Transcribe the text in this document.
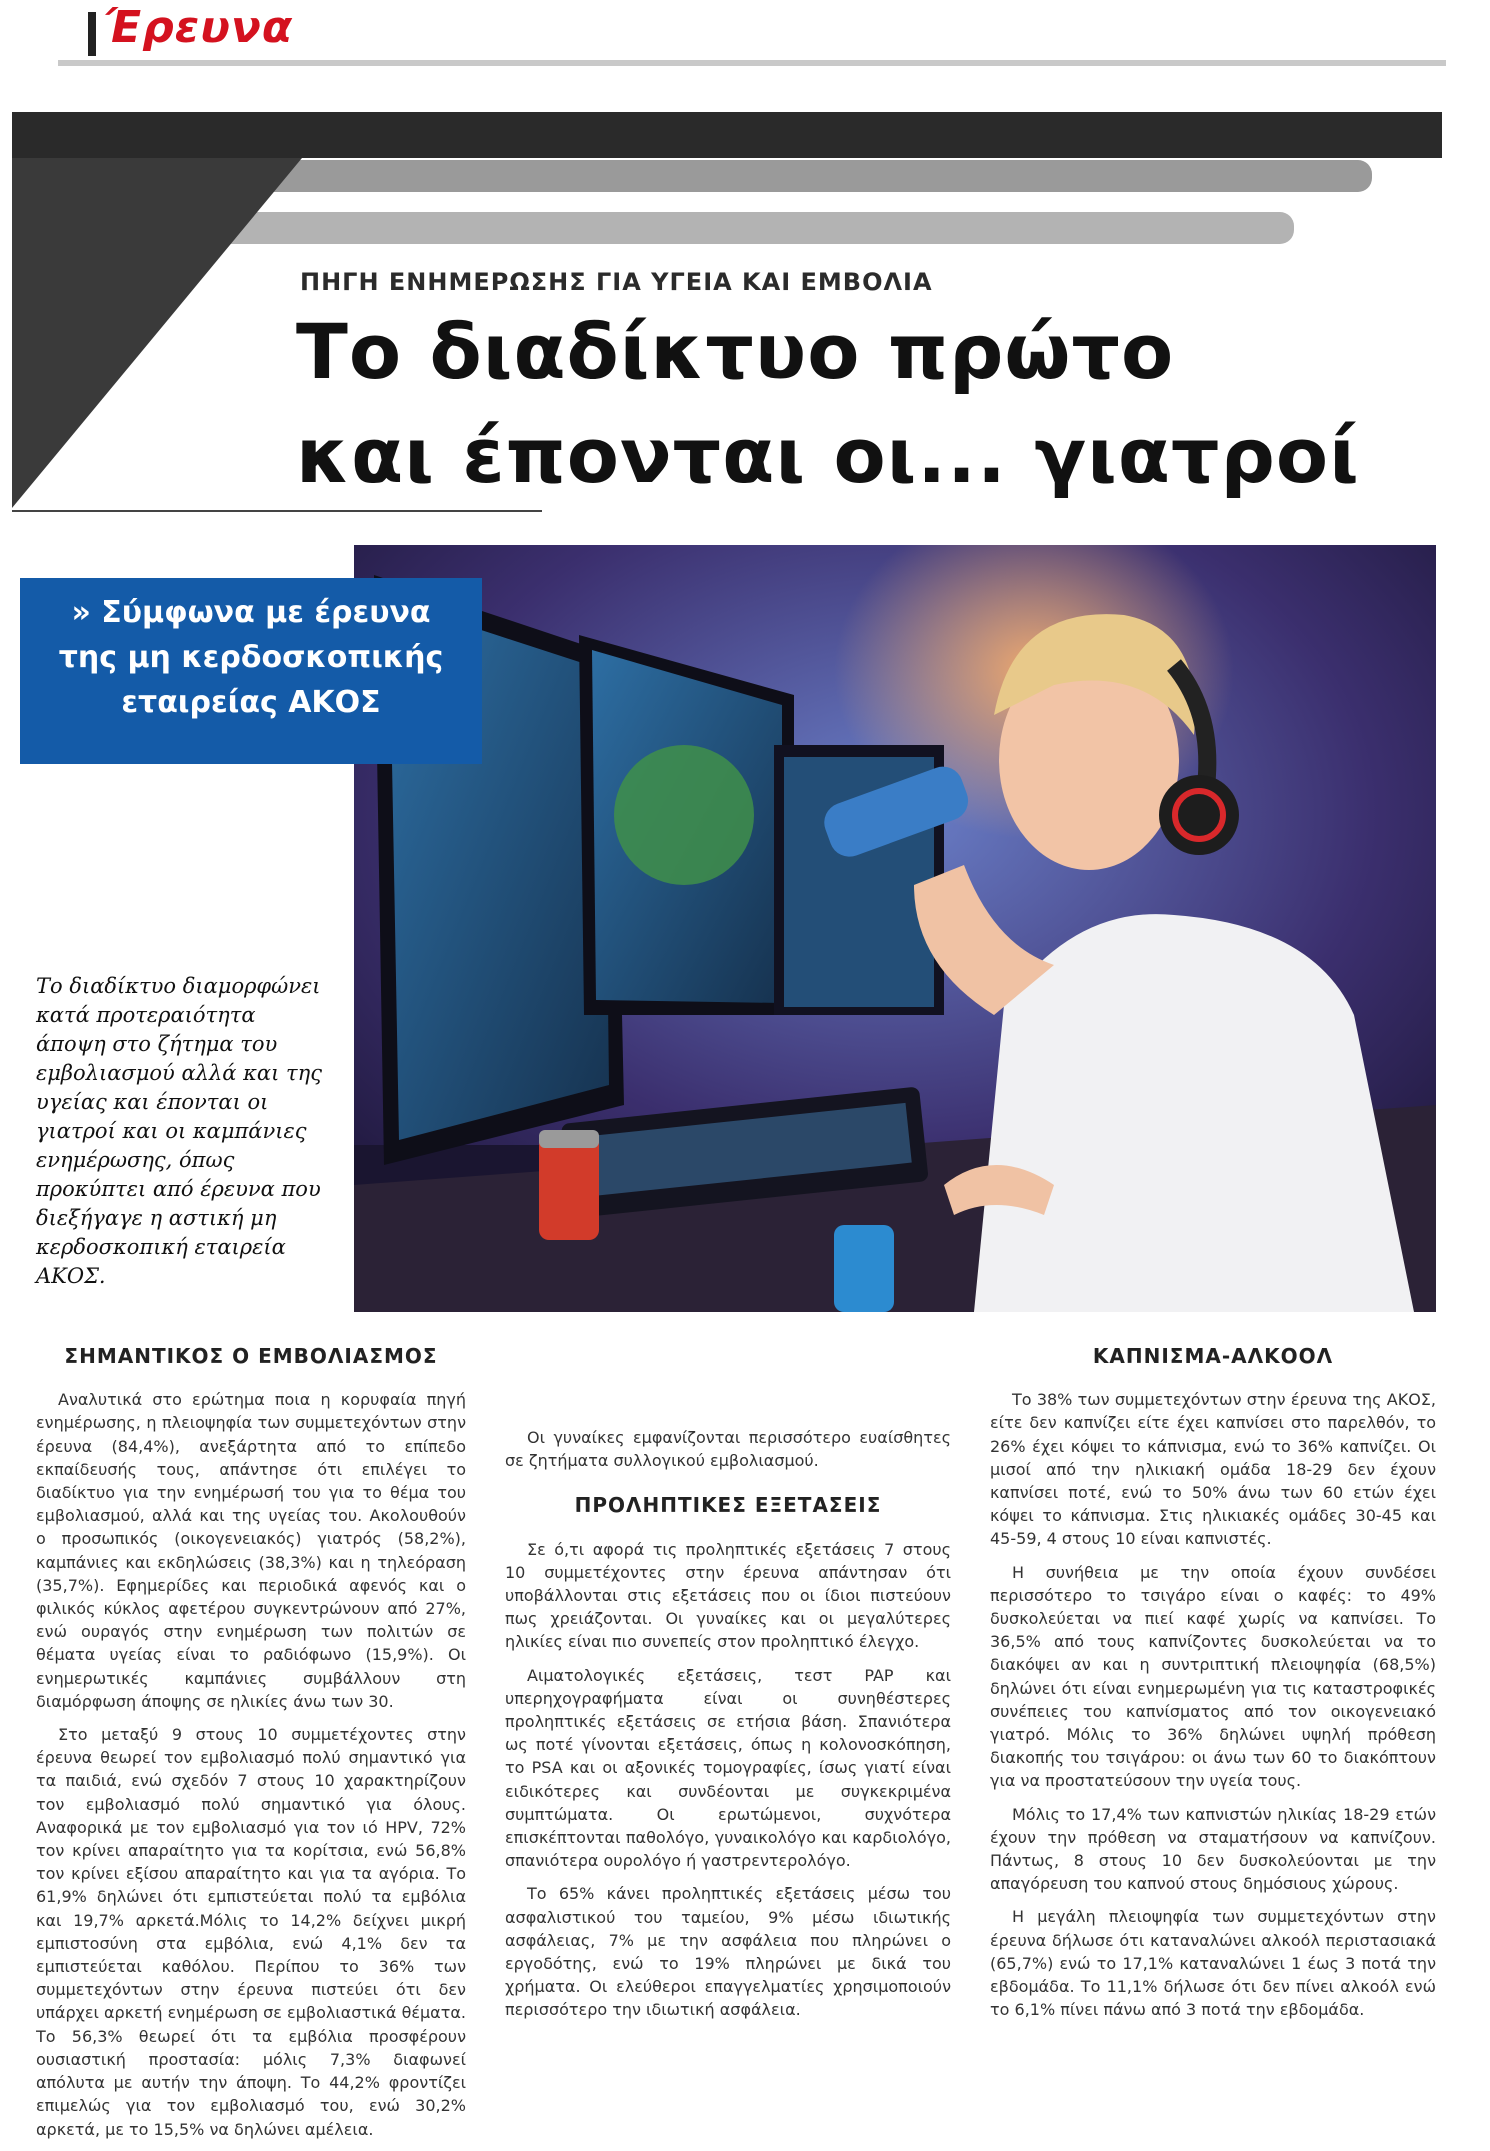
Έρευνα
ΠΗΓΗ ΕΝΗΜΕΡΩΣΗΣ ΓΙΑ ΥΓΕΙΑ ΚΑΙ ΕΜΒΟΛΙΑ
Το διαδίκτυο πρώτο
και έπονται οι... γιατροί
» Σύμφωνα με έρευνα
της μη κερδοσκοπικής
εταιρείας ΑΚΟΣ
Το διαδίκτυο διαμορφώνει κατά προτεραιότητα άποψη στο ζήτημα του εμβολιασμού αλλά και της υγείας και έπονται οι γιατροί και οι καμπάνιες ενημέρωσης, όπως προκύπτει από έρευνα που διεξήγαγε η αστική μη κερδοσκοπική εταιρεία ΑΚΟΣ.
ΣΗΜΑΝΤΙΚΟΣ Ο ΕΜΒΟΛΙΑΣΜΟΣ

Αναλυτικά στο ερώτημα ποια η κορυφαία πηγή ενημέρωσης, η πλειοψηφία των συμμετεχόντων στην έρευνα (84,4%), ανεξάρτητα από το επίπεδο εκπαίδευσής τους, απάντησε ότι επιλέγει το διαδίκτυο για την ενημέρωσή του για το θέμα του εμβολιασμού, αλλά και της υγείας του. Ακολουθούν ο προσωπικός (οικογενειακός) γιατρός (58,2%), καμπάνιες και εκδηλώσεις (38,3%) και η τηλεόραση (35,7%). Εφημερίδες και περιοδικά αφενός και ο φιλικός κύκλος αφετέρου συγκεντρώνουν από 27%, ενώ ουραγός στην ενημέρωση των πολιτών σε θέματα υγείας είναι το ραδιόφωνο (15,9%). Οι ενημερωτικές καμπάνιες συμβάλλουν στη διαμόρφωση άποψης σε ηλικίες άνω των 30.

Στο μεταξύ 9 στους 10 συμμετέχοντες στην έρευνα θεωρεί τον εμβολιασμό πολύ σημαντικό για τα παιδιά, ενώ σχεδόν 7 στους 10 χαρακτηρίζουν τον εμβολιασμό πολύ σημαντικό για όλους. Αναφορικά με τον εμβολιασμό για τον ιό HPV, 72% τον κρίνει απαραίτητο για τα κορίτσια, ενώ 56,8% τον κρίνει εξίσου απαραίτητο και για τα αγόρια. Το 61,9% δηλώνει ότι εμπιστεύεται πολύ τα εμβόλια και 19,7% αρκετά.Μόλις το 14,2% δείχνει μικρή εμπιστοσύνη στα εμβόλια, ενώ 4,1% δεν τα εμπιστεύεται καθόλου. Περίπου το 36% των συμμετεχόντων στην έρευνα πιστεύει ότι δεν υπάρχει αρκετή ενημέρωση σε εμβολιαστικά θέματα. Το 56,3% θεωρεί ότι τα εμβόλια προσφέρουν ουσιαστική προστασία: μόλις 7,3% διαφωνεί απόλυτα με αυτήν την άποψη. Το 44,2% φροντίζει επιμελώς για τον εμβολιασμό του, ενώ 30,2% αρκετά, με το 15,5% να δηλώνει αμέλεια.

Οι γυναίκες εμφανίζονται περισσότερο ευαίσθητες σε ζητήματα συλλογικού εμβολιασμού.

ΠΡΟΛΗΠΤΙΚΕΣ ΕΞΕΤΑΣΕΙΣ

Σε ό,τι αφορά τις προληπτικές εξετάσεις 7 στους 10 συμμετέχοντες στην έρευνα απάντησαν ότι υποβάλλονται στις εξετάσεις που οι ίδιοι πιστεύουν πως χρειάζονται. Οι γυναίκες και οι μεγαλύτερες ηλικίες είναι πιο συνεπείς στον προληπτικό έλεγχο.

Αιματολογικές εξετάσεις, τεστ PAP και υπερηχογραφήματα είναι οι συνηθέστερες προληπτικές εξετάσεις σε ετήσια βάση. Σπανιότερα ως ποτέ γίνονται εξετάσεις, όπως η κολονοσκόπηση, το PSA και οι αξονικές τομογραφίες, ίσως γιατί είναι ειδικότερες και συνδέονται με συγκεκριμένα συμπτώματα. Οι ερωτώμενοι, συχνότερα επισκέπτονται παθολόγο, γυναικολόγο και καρδιολόγο, σπανιότερα ουρολόγο ή γαστρεντερολόγο.

Το 65% κάνει προληπτικές εξετάσεις μέσω του ασφαλιστικού του ταμείου, 9% μέσω ιδιωτικής ασφάλειας, 7% με την ασφάλεια που πληρώνει ο εργοδότης, ενώ το 19% πληρώνει με δικά του χρήματα. Οι ελεύθεροι επαγγελματίες χρησιμοποιούν περισσότερο την ιδιωτική ασφάλεια.

ΚΑΠΝΙΣΜΑ-ΑΛΚΟΟΛ

Το 38% των συμμετεχόντων στην έρευνα της ΑΚΟΣ, είτε δεν καπνίζει είτε έχει καπνίσει στο παρελθόν, το 26% έχει κόψει το κάπνισμα, ενώ το 36% καπνίζει. Οι μισοί από την ηλικιακή ομάδα 18-29 δεν έχουν καπνίσει ποτέ, ενώ το 50% άνω των 60 ετών έχει κόψει το κάπνισμα. Στις ηλικιακές ομάδες 30-45 και 45-59, 4 στους 10 είναι καπνιστές.

Η συνήθεια με την οποία έχουν συνδέσει περισσότερο το τσιγάρο είναι ο καφές: το 49% δυσκολεύεται να πιεί καφέ χωρίς να καπνίσει. Το 36,5% από τους καπνίζοντες δυσκολεύεται να το διακόψει αν και η συντριπτική πλειοψηφία (68,5%) δηλώνει ότι είναι ενημερωμένη για τις καταστροφικές συνέπειες του καπνίσματος από τον οικογενειακό γιατρό. Μόλις το 36% δηλώνει υψηλή πρόθεση διακοπής του τσιγάρου: οι άνω των 60 το διακόπτουν για να προστατεύσουν την υγεία τους.

Μόλις το 17,4% των καπνιστών ηλικίας 18-29 ετών έχουν την πρόθεση να σταματήσουν να καπνίζουν. Πάντως, 8 στους 10 δεν δυσκολεύονται με την απαγόρευση του καπνού στους δημόσιους χώρους.

Η μεγάλη πλειοψηφία των συμμετεχόντων στην έρευνα δήλωσε ότι καταναλώνει αλκοόλ περιστασιακά (65,7%) ενώ το 17,1% καταναλώνει 1 έως 3 ποτά την εβδομάδα. Το 11,1% δήλωσε ότι δεν πίνει αλκοόλ ενώ το 6,1% πίνει πάνω από 3 ποτά την εβδομάδα.
